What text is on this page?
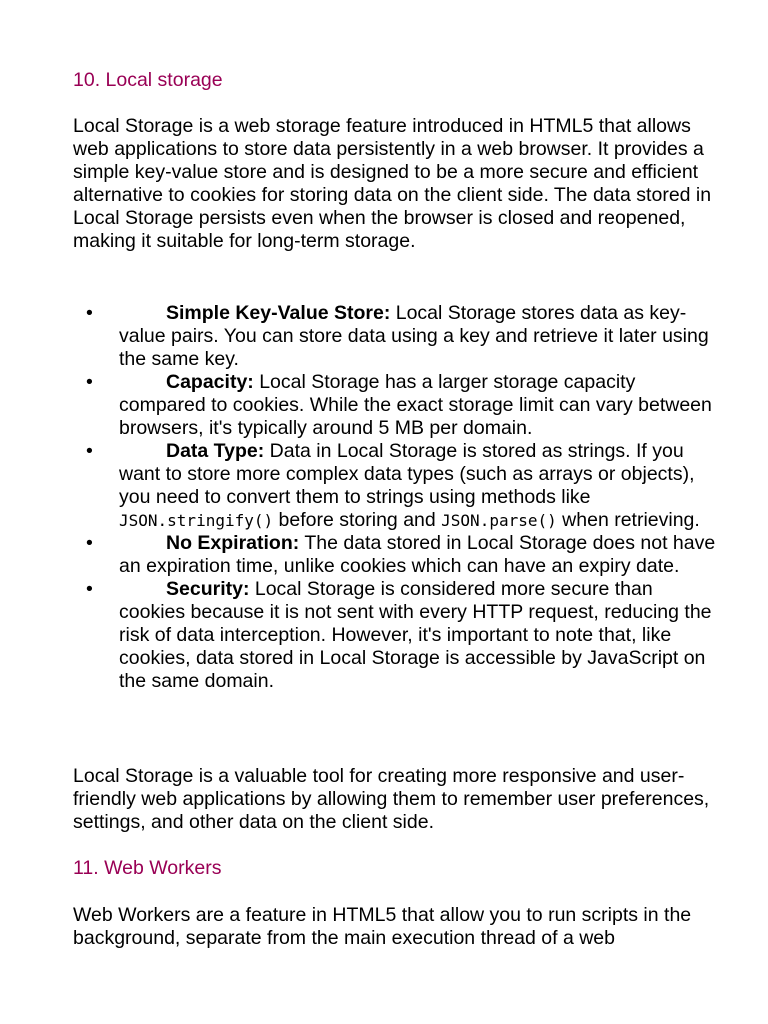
10. Local storage

Local Storage is a web storage feature introduced in HTML5 that allows web applications to store data persistently in a web browser. It provides a simple key-value store and is designed to be a more secure and efficient alternative to cookies for storing data on the client side. The data stored in Local Storage persists even when the browser is closed and reopened, making it suitable for long-term storage.

•	Simple Key-Value Store: Local Storage stores data as key-value pairs. You can store data using a key and retrieve it later using the same key.
•	Capacity: Local Storage has a larger storage capacity compared to cookies. While the exact storage limit can vary between browsers, it's typically around 5 MB per domain.
•	Data Type: Data in Local Storage is stored as strings. If you want to store more complex data types (such as arrays or objects), you need to convert them to strings using methods like JSON.stringify() before storing and JSON.parse() when retrieving.
•	No Expiration: The data stored in Local Storage does not have an expiration time, unlike cookies which can have an expiry date.
•	Security: Local Storage is considered more secure than cookies because it is not sent with every HTTP request, reducing the risk of data interception. However, it's important to note that, like cookies, data stored in Local Storage is accessible by JavaScript on the same domain.

Local Storage is a valuable tool for creating more responsive and user-friendly web applications by allowing them to remember user preferences, settings, and other data on the client side.

11. Web Workers

Web Workers are a feature in HTML5 that allow you to run scripts in the background, separate from the main execution thread of a web
